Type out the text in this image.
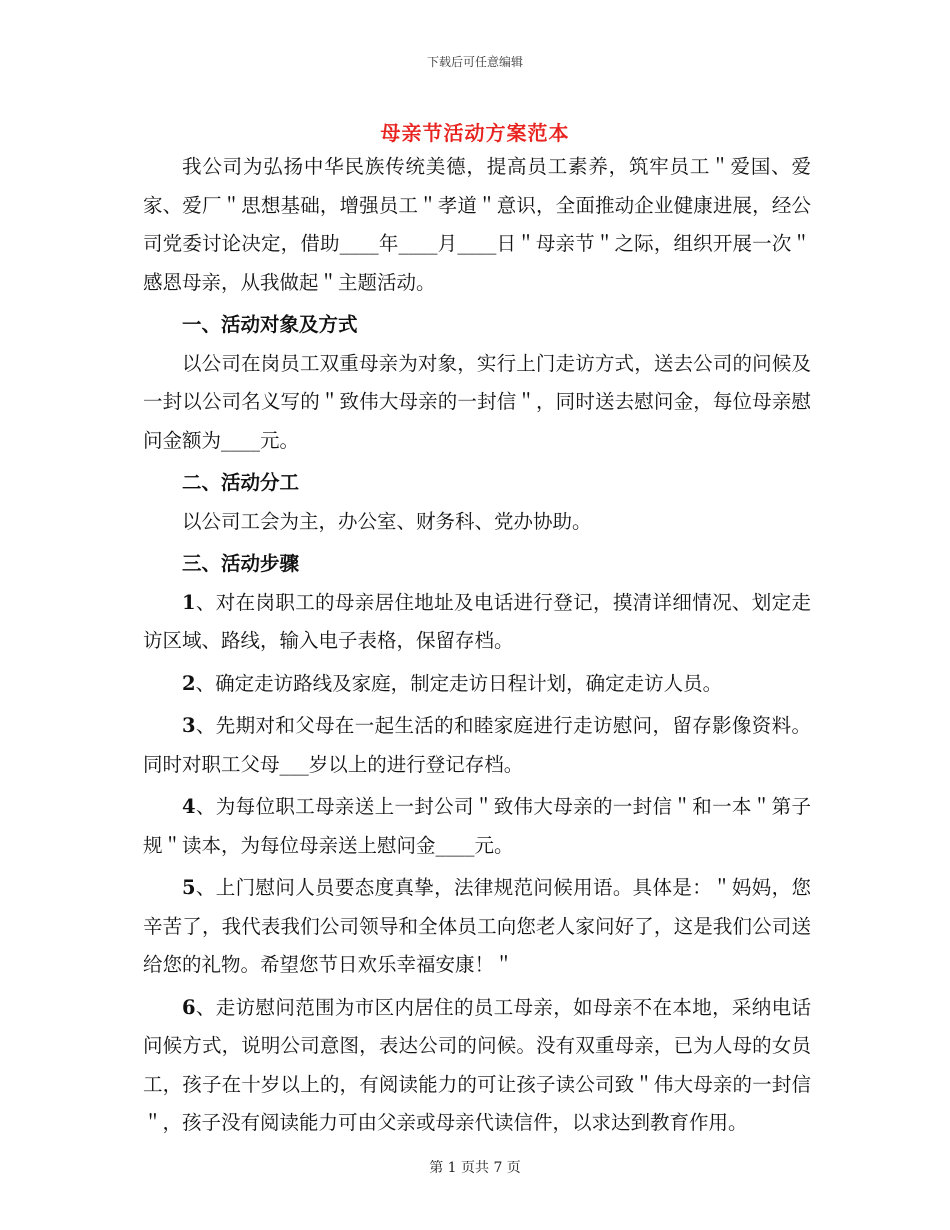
下载后可任意编辑
母亲节活动方案范本

我公司为弘扬中华民族传统美德，提高员工素养，筑牢员工＂爱国、爱家、爱厂＂思想基础，增强员工＂孝道＂意识，全面推动企业健康进展，经公司党委讨论决定，借助____年____月____日＂母亲节＂之际，组织开展一次＂感恩母亲，从我做起＂主题活动。

一、活动对象及方式

以公司在岗员工双重母亲为对象，实行上门走访方式，送去公司的问候及一封以公司名义写的＂致伟大母亲的一封信＂，同时送去慰问金，每位母亲慰问金额为____元。

二、活动分工

以公司工会为主，办公室、财务科、党办协助。

三、活动步骤

1、对在岗职工的母亲居住地址及电话进行登记，摸清详细情况、划定走访区域、路线，输入电子表格，保留存档。

2、确定走访路线及家庭，制定走访日程计划，确定走访人员。

3、先期对和父母在一起生活的和睦家庭进行走访慰问，留存影像资料。同时对职工父母___岁以上的进行登记存档。

4、为每位职工母亲送上一封公司＂致伟大母亲的一封信＂和一本＂第子规＂读本，为每位母亲送上慰问金____元。

5、上门慰问人员要态度真挚，法律规范问候用语。具体是：＂妈妈，您辛苦了，我代表我们公司领导和全体员工向您老人家问好了，这是我们公司送给您的礼物。希望您节日欢乐幸福安康！＂

6、走访慰问范围为市区内居住的员工母亲，如母亲不在本地，采纳电话问候方式，说明公司意图，表达公司的问候。没有双重母亲，已为人母的女员工，孩子在十岁以上的，有阅读能力的可让孩子读公司致＂伟大母亲的一封信＂，孩子没有阅读能力可由父亲或母亲代读信件，以求达到教育作用。

第 1 页共 7 页
